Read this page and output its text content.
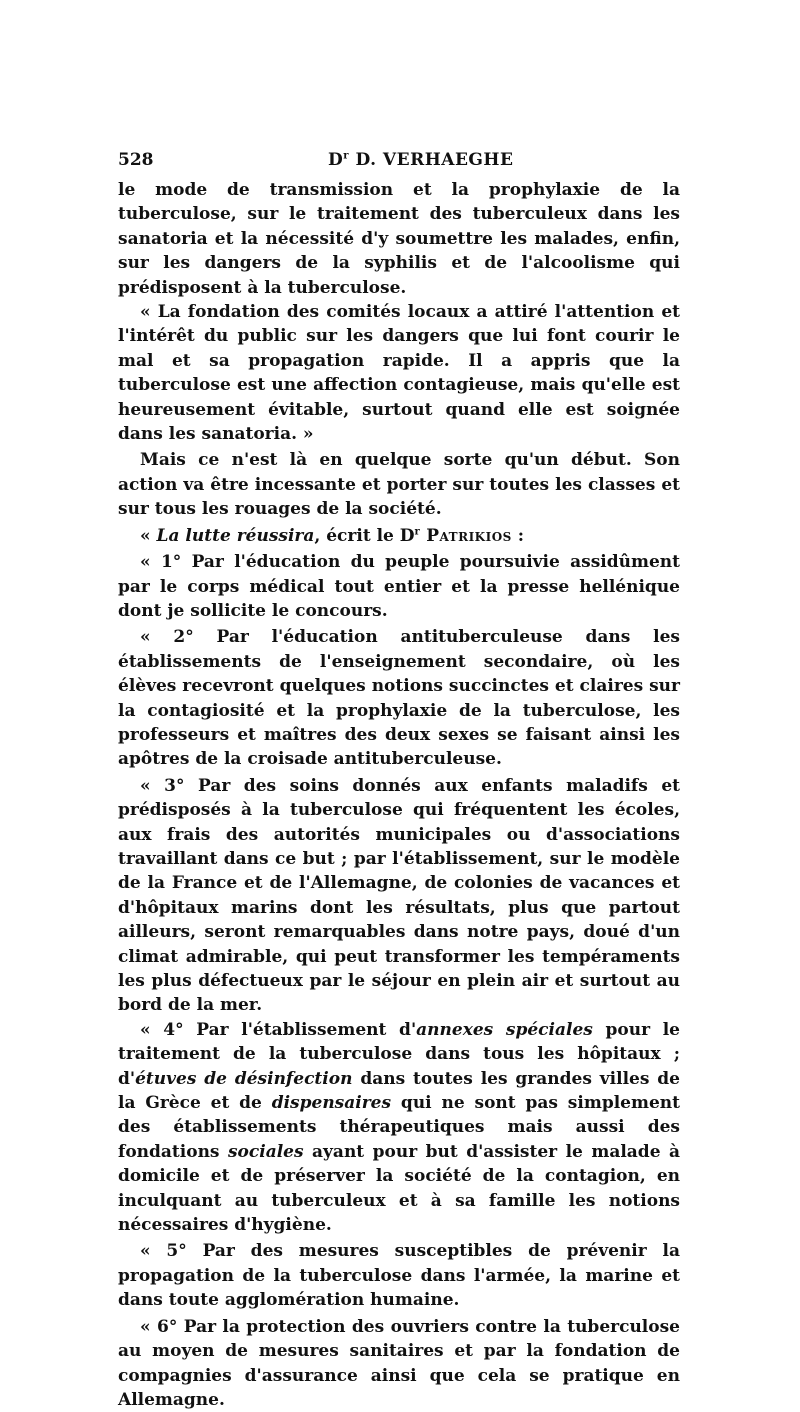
528	$D^r$ D. VERHAEGHE

le mode de transmission et la prophylaxie de la tuberculose, sur le traitement des tuberculeux dans les sanatoria et la nécessité d'y soumettre les malades, enfin, sur les dangers de la syphilis et de l'alcoolisme qui prédisposent à la tuberculose.

« La fondation des comités locaux a attiré l'attention et l'intérêt du public sur les dangers que lui font courir le mal et sa propagation rapide. Il a appris que la tuberculose est une affection contagieuse, mais qu'elle est heureusement évitable, surtout quand elle est soignée dans les sanatoria. »

Mais ce n'est là en quelque sorte qu'un début. Son action va être incessante et porter sur toutes les classes et sur tous les rouages de la société.

« La lutte réussira, écrit le $D^r$ Patrikios :

« 1° Par l'éducation du peuple poursuivie assidûment par le corps médical tout entier et la presse hellénique dont je sollicite le concours.

« 2° Par l'éducation antituberculeuse dans les établissements de l'enseignement secondaire, où les élèves recevront quelques notions succinctes et claires sur la contagiosité et la prophylaxie de la tuberculose, les professeurs et maîtres des deux sexes se faisant ainsi les apôtres de la croisade antituberculeuse.

« 3° Par des soins donnés aux enfants maladifs et prédisposés à la tuberculose qui fréquentent les écoles, aux frais des autorités municipales ou d'associations travaillant dans ce but ; par l'établissement, sur le modèle de la France et de l'Allemagne, de colonies de vacances et d'hôpitaux marins dont les résultats, plus que partout ailleurs, seront remarquables dans notre pays, doué d'un climat admirable, qui peut transformer les tempéraments les plus défectueux par le séjour en plein air et surtout au bord de la mer.

« 4° Par l'établissement d'annexes spéciales pour le traitement de la tuberculose dans tous les hôpitaux ; d'étuves de désinfection dans toutes les grandes villes de la Grèce et de dispensaires qui ne sont pas simplement des établissements thérapeutiques mais aussi des fondations sociales ayant pour but d'assister le malade à domicile et de préserver la société de la contagion, en inculquant au tuberculeux et à sa famille les notions nécessaires d'hygiène.

« 5° Par des mesures susceptibles de prévenir la propagation de la tuberculose dans l'armée, la marine et dans toute agglomération humaine.

« 6° Par la protection des ouvriers contre la tuberculose au moyen de mesures sanitaires et par la fondation de compagnies d'assurance ainsi que cela se pratique en Allemagne.
